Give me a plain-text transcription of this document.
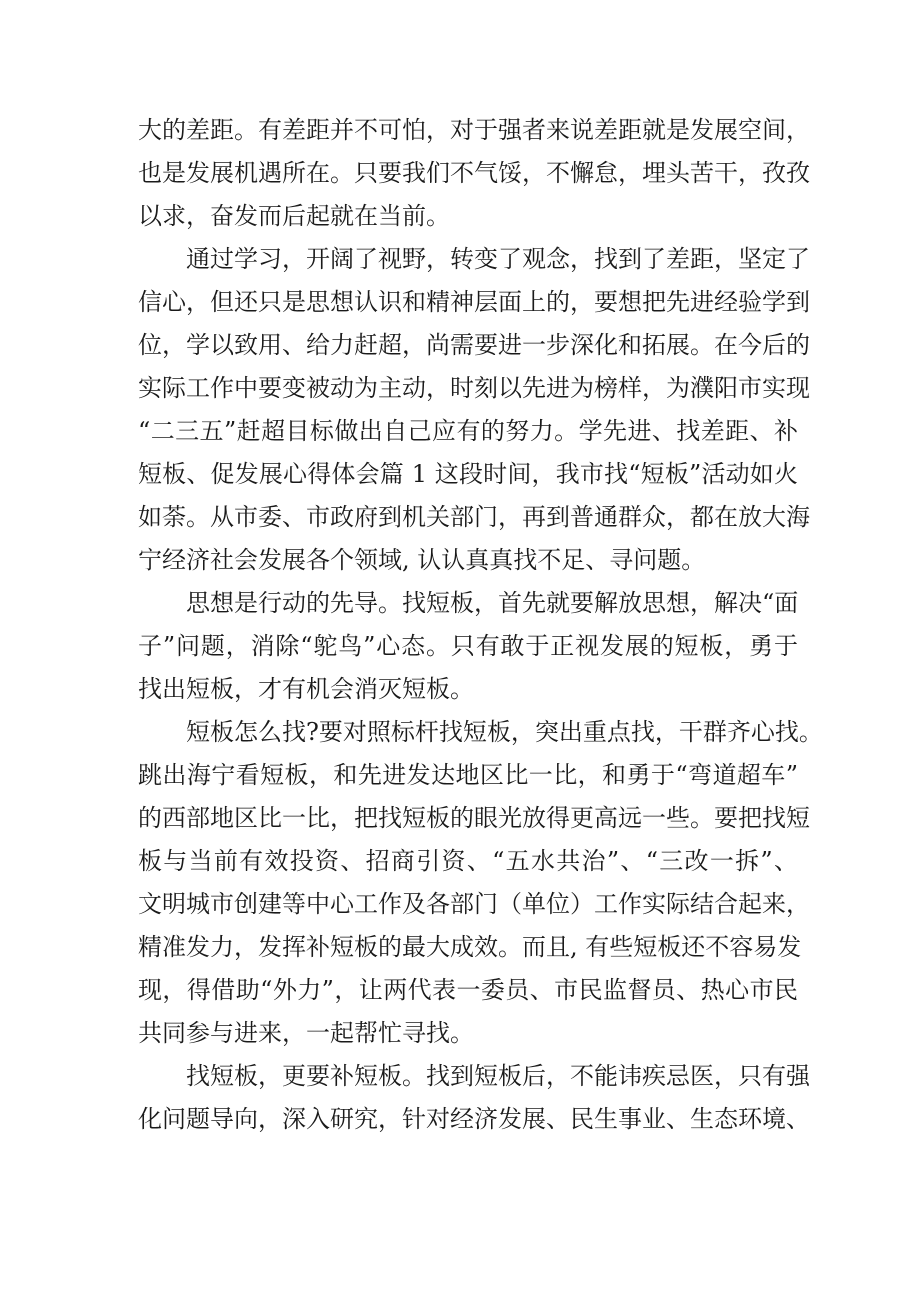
大的差距。有差距并不可怕，对于强者来说差距就是发展空间，
也是发展机遇所在。只要我们不气馁，不懈怠，埋头苦干，孜孜
以求，奋发而后起就在当前。
通过学习，开阔了视野，转变了观念，找到了差距，坚定了
信心，但还只是思想认识和精神层面上的，要想把先进经验学到
位，学以致用、给力赶超，尚需要进一步深化和拓展。在今后的
实际工作中要变被动为主动，时刻以先进为榜样，为濮阳市实现
“二三五”赶超目标做出自己应有的努力。学先进、找差距、补
短板、促发展心得体会篇 1 这段时间，我市找“短板”活动如火
如荼。从市委、市政府到机关部门，再到普通群众，都在放大海
宁经济社会发展各个领域, 认认真真找不足、寻问题。
思想是行动的先导。找短板，首先就要解放思想，解决“面
子”问题，消除“鸵鸟”心态。只有敢于正视发展的短板，勇于
找出短板，才有机会消灭短板。
短板怎么找?要对照标杆找短板，突出重点找，干群齐心找。
跳出海宁看短板，和先进发达地区比一比，和勇于“弯道超车”
的西部地区比一比，把找短板的眼光放得更高远一些。要把找短
板与当前有效投资、招商引资、“五水共治”、“三改一拆”、
文明城市创建等中心工作及各部门（单位）工作实际结合起来，
精准发力，发挥补短板的最大成效。而且, 有些短板还不容易发
现，得借助“外力”，让两代表一委员、市民监督员、热心市民
共同参与进来，一起帮忙寻找。
找短板，更要补短板。找到短板后，不能讳疾忌医，只有强
化问题导向，深入研究，针对经济发展、民生事业、生态环境、
